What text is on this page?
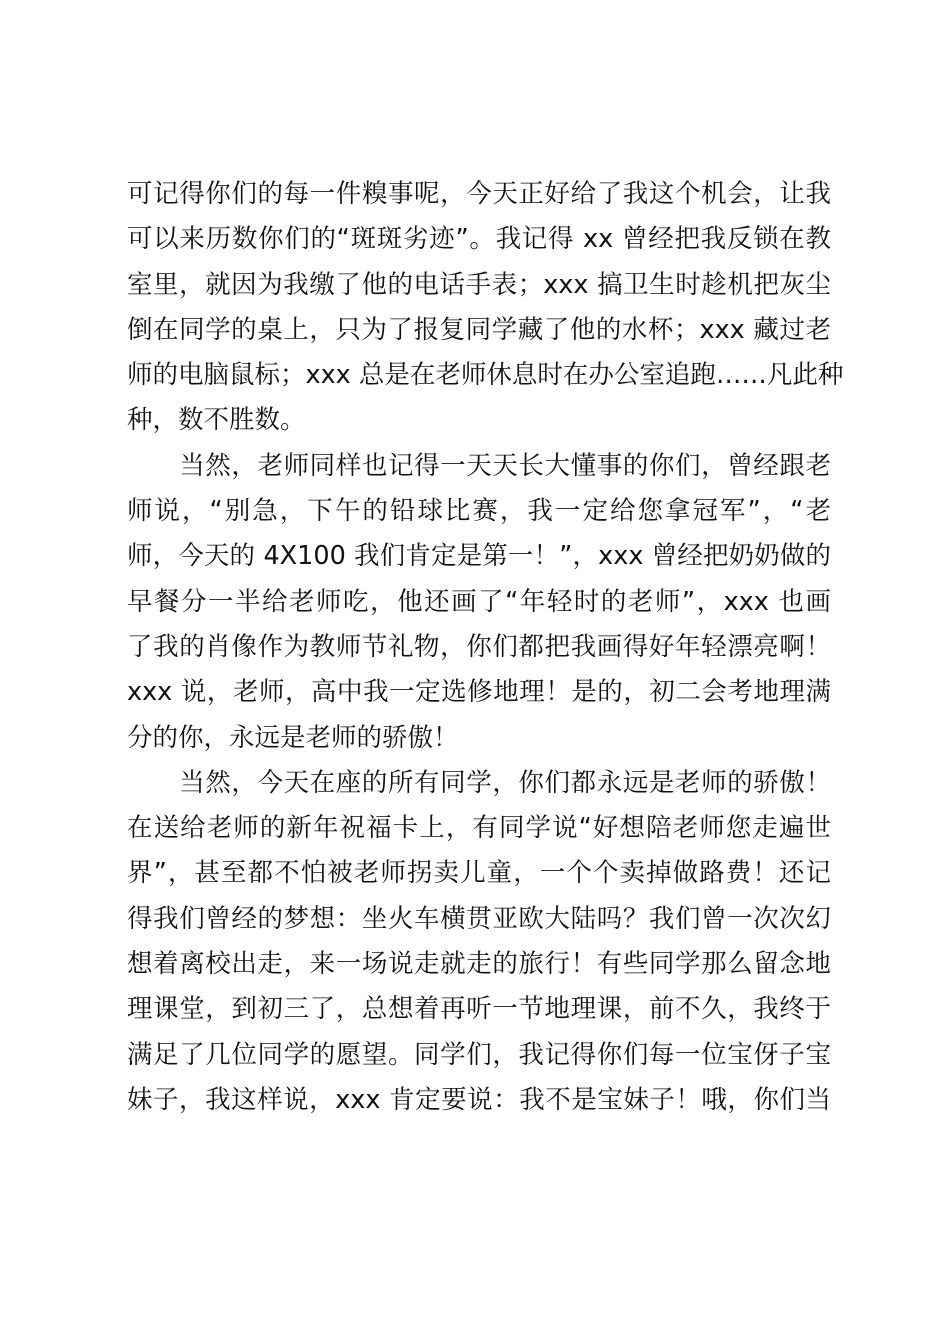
可记得你们的每一件糗事呢，今天正好给了我这个机会，让我
可以来历数你们的“斑斑劣迹”。我记得 xx 曾经把我反锁在教
室里，就因为我缴了他的电话手表；xxx 搞卫生时趁机把灰尘
倒在同学的桌上，只为了报复同学藏了他的水杯；xxx 藏过老
师的电脑鼠标；xxx 总是在老师休息时在办公室追跑……凡此种
种，数不胜数。
　　当然，老师同样也记得一天天长大懂事的你们，曾经跟老
师说，“别急，下午的铅球比赛，我一定给您拿冠军”，“老
师，今天的 4X100 我们肯定是第一！”，xxx 曾经把奶奶做的
早餐分一半给老师吃，他还画了“年轻时的老师”，xxx 也画
了我的肖像作为教师节礼物，你们都把我画得好年轻漂亮啊！
xxx 说，老师，高中我一定选修地理！是的，初二会考地理满
分的你，永远是老师的骄傲！
　　当然，今天在座的所有同学，你们都永远是老师的骄傲！
在送给老师的新年祝福卡上，有同学说“好想陪老师您走遍世
界”，甚至都不怕被老师拐卖儿童，一个个卖掉做路费！还记
得我们曾经的梦想：坐火车横贯亚欧大陆吗？我们曾一次次幻
想着离校出走，来一场说走就走的旅行！有些同学那么留念地
理课堂，到初三了，总想着再听一节地理课，前不久，我终于
满足了几位同学的愿望。同学们，我记得你们每一位宝伢子宝
妹子，我这样说，xxx 肯定要说：我不是宝妹子！哦，你们当
